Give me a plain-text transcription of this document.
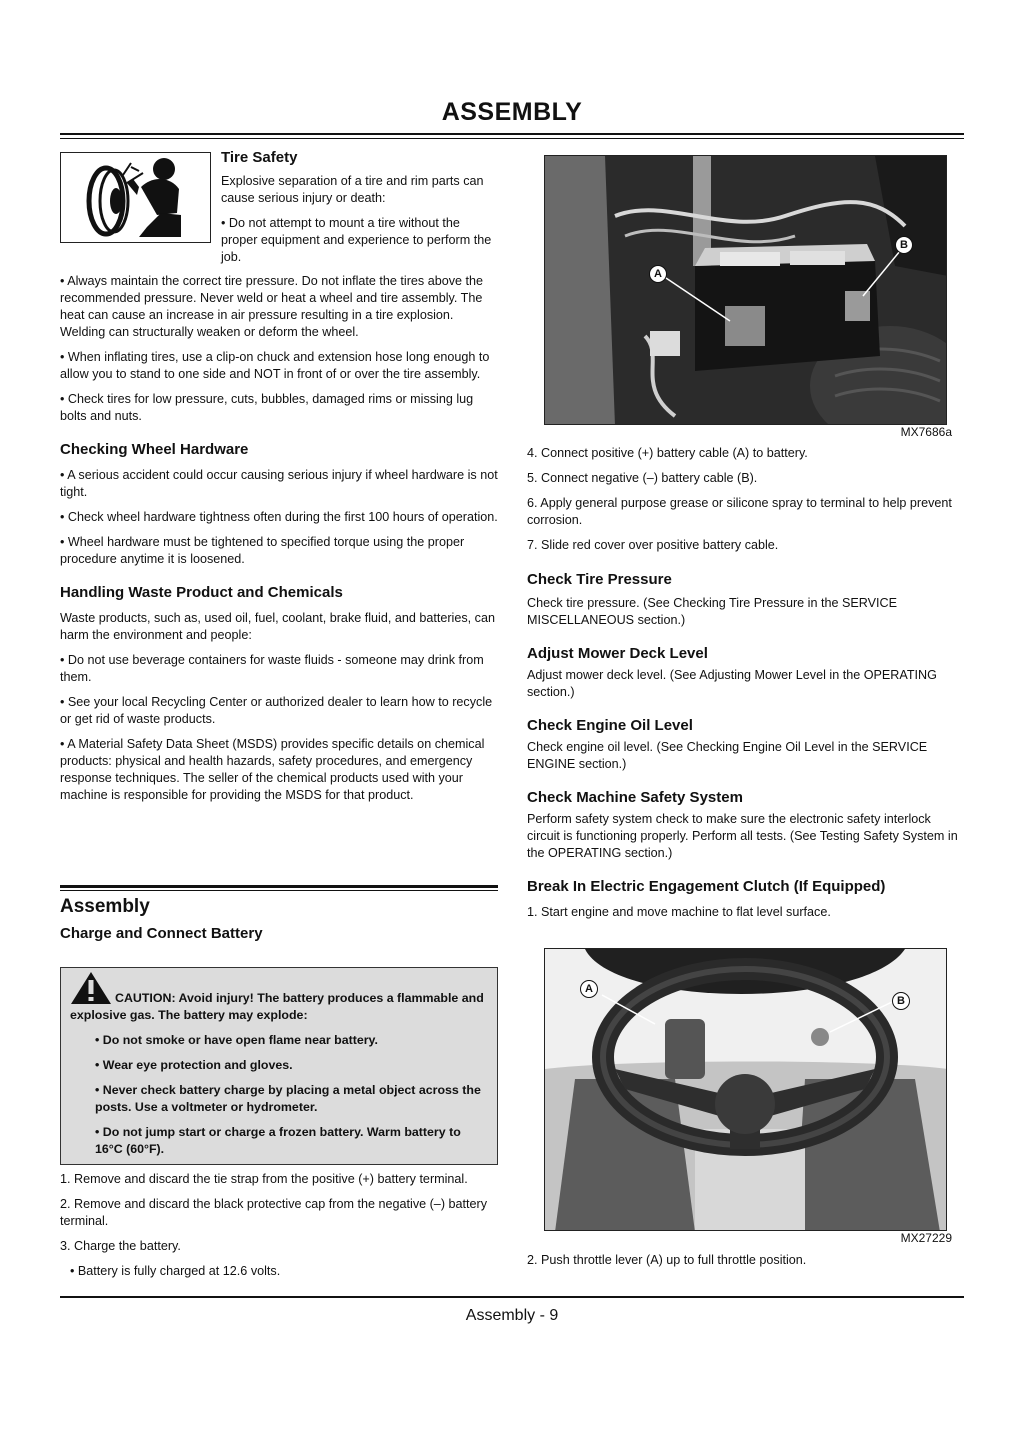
ASSEMBLY
Tire Safety

Explosive separation of a tire and rim parts can cause serious injury or death:

• Do not attempt to mount a tire without the proper equipment and experience to perform the job.

• Always maintain the correct tire pressure. Do not inflate the tires above the recommended pressure. Never weld or heat a wheel and tire assembly. The heat can cause an increase in air pressure resulting in a tire explosion. Welding can structurally weaken or deform the wheel.

• When inflating tires, use a clip-on chuck and extension hose long enough to allow you to stand to one side and NOT in front of or over the tire assembly.

• Check tires for low pressure, cuts, bubbles, damaged rims or missing lug bolts and nuts.

Checking Wheel Hardware

• A serious accident could occur causing serious injury if wheel hardware is not tight.

• Check wheel hardware tightness often during the first 100 hours of operation.

• Wheel hardware must be tightened to specified torque using the proper procedure anytime it is loosened.

Handling Waste Product and Chemicals

Waste products, such as, used oil, fuel, coolant, brake fluid, and batteries, can harm the environment and people:

• Do not use beverage containers for waste fluids - someone may drink from them.

• See your local Recycling Center or authorized dealer to learn how to recycle or get rid of waste products.

• A Material Safety Data Sheet (MSDS) provides specific details on chemical products: physical and health hazards, safety procedures, and emergency response techniques. The seller of the chemical products used with your machine is responsible for providing the MSDS for that product.

Assembly
Charge and Connect Battery

CAUTION: Avoid injury! The battery produces a flammable and explosive gas. The battery may explode:

• Do not smoke or have open flame near battery.

• Wear eye protection and gloves.

• Never check battery charge by placing a metal object across the posts. Use a voltmeter or hydrometer.

• Do not jump start or charge a frozen battery. Warm battery to 16°C (60°F).

1. Remove and discard the tie strap from the positive (+) battery terminal.

2. Remove and discard the black protective cap from the negative (–) battery terminal.

3. Charge the battery.

• Battery is fully charged at 12.6 volts.

A
B
MX7686a

4. Connect positive (+) battery cable (A) to battery.

5. Connect negative (–) battery cable (B).

6. Apply general purpose grease or silicone spray to terminal to help prevent corrosion.

7. Slide red cover over positive battery cable.

Check Tire Pressure

Check tire pressure. (See Checking Tire Pressure in the SERVICE MISCELLANEOUS section.)

Adjust Mower Deck Level

Adjust mower deck level. (See Adjusting Mower Level in the OPERATING section.)

Check Engine Oil Level

Check engine oil level. (See Checking Engine Oil Level in the SERVICE ENGINE section.)

Check Machine Safety System

Perform safety system check to make sure the electronic safety interlock circuit is functioning properly. Perform all tests. (See Testing Safety System in the OPERATING section.)

Break In Electric Engagement Clutch (If Equipped)

1. Start engine and move machine to flat level surface.

A
B
MX27229

2. Push throttle lever (A) up to full throttle position.

Assembly - 9
